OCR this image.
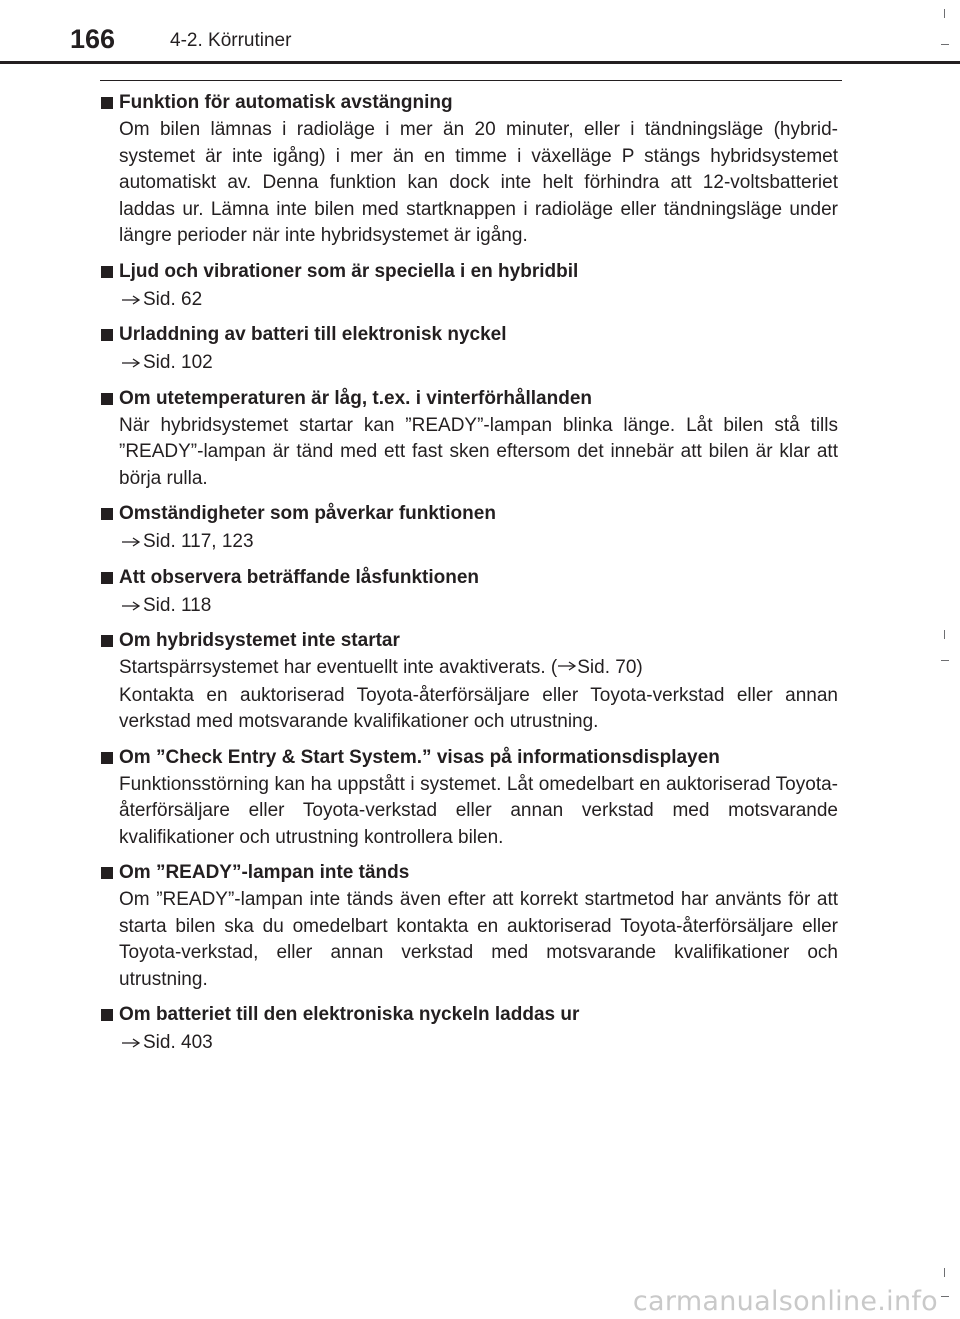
166	4-2. Körrutiner
Funktion för automatisk avstängning

Om bilen lämnas i radioläge i mer än 20 minuter, eller i tändningsläge (hybridsystemet är inte igång) i mer än en timme i växelläge P stängs hybridsystemet automatiskt av. Denna funktion kan dock inte helt förhindra att 12-voltsbatteriet laddas ur. Lämna inte bilen med startknappen i radioläge eller tändningsläge under längre perioder när inte hybridsystemet är igång.

Ljud och vibrationer som är speciella i en hybridbil
Sid. 62
Urladdning av batteri till elektronisk nyckel
Sid. 102
Om utetemperaturen är låg, t.ex. i vinterförhållanden

När hybridsystemet startar kan ”READY”-lampan blinka länge. Låt bilen stå tills ”READY”-lampan är tänd med ett fast sken eftersom det innebär att bilen är klar att börja rulla.

Omständigheter som påverkar funktionen
Sid. 117, 123
Att observera beträffande låsfunktionen
Sid. 118
Om hybridsystemet inte startar

Startspärrsystemet har eventuellt inte avaktiverats. ( Sid. 70)

Kontakta en auktoriserad Toyota-återförsäljare eller Toyota-verkstad eller annan verkstad med motsvarande kvalifikationer och utrustning.

Om ”Check Entry & Start System.” visas på informationsdisplayen

Funktionsstörning kan ha uppstått i systemet. Låt omedelbart en auktoriserad Toyota-återförsäljare eller Toyota-verkstad eller annan verkstad med motsvarande kvalifikationer och utrustning kontrollera bilen.

Om ”READY”-lampan inte tänds

Om ”READY”-lampan inte tänds även efter att korrekt startmetod har använts för att starta bilen ska du omedelbart kontakta en auktoriserad Toyota-återförsäljare eller Toyota-verkstad, eller annan verkstad med motsvarande kvalifikationer och utrustning.

Om batteriet till den elektroniska nyckeln laddas ur
Sid. 403
carmanualsonline.info
